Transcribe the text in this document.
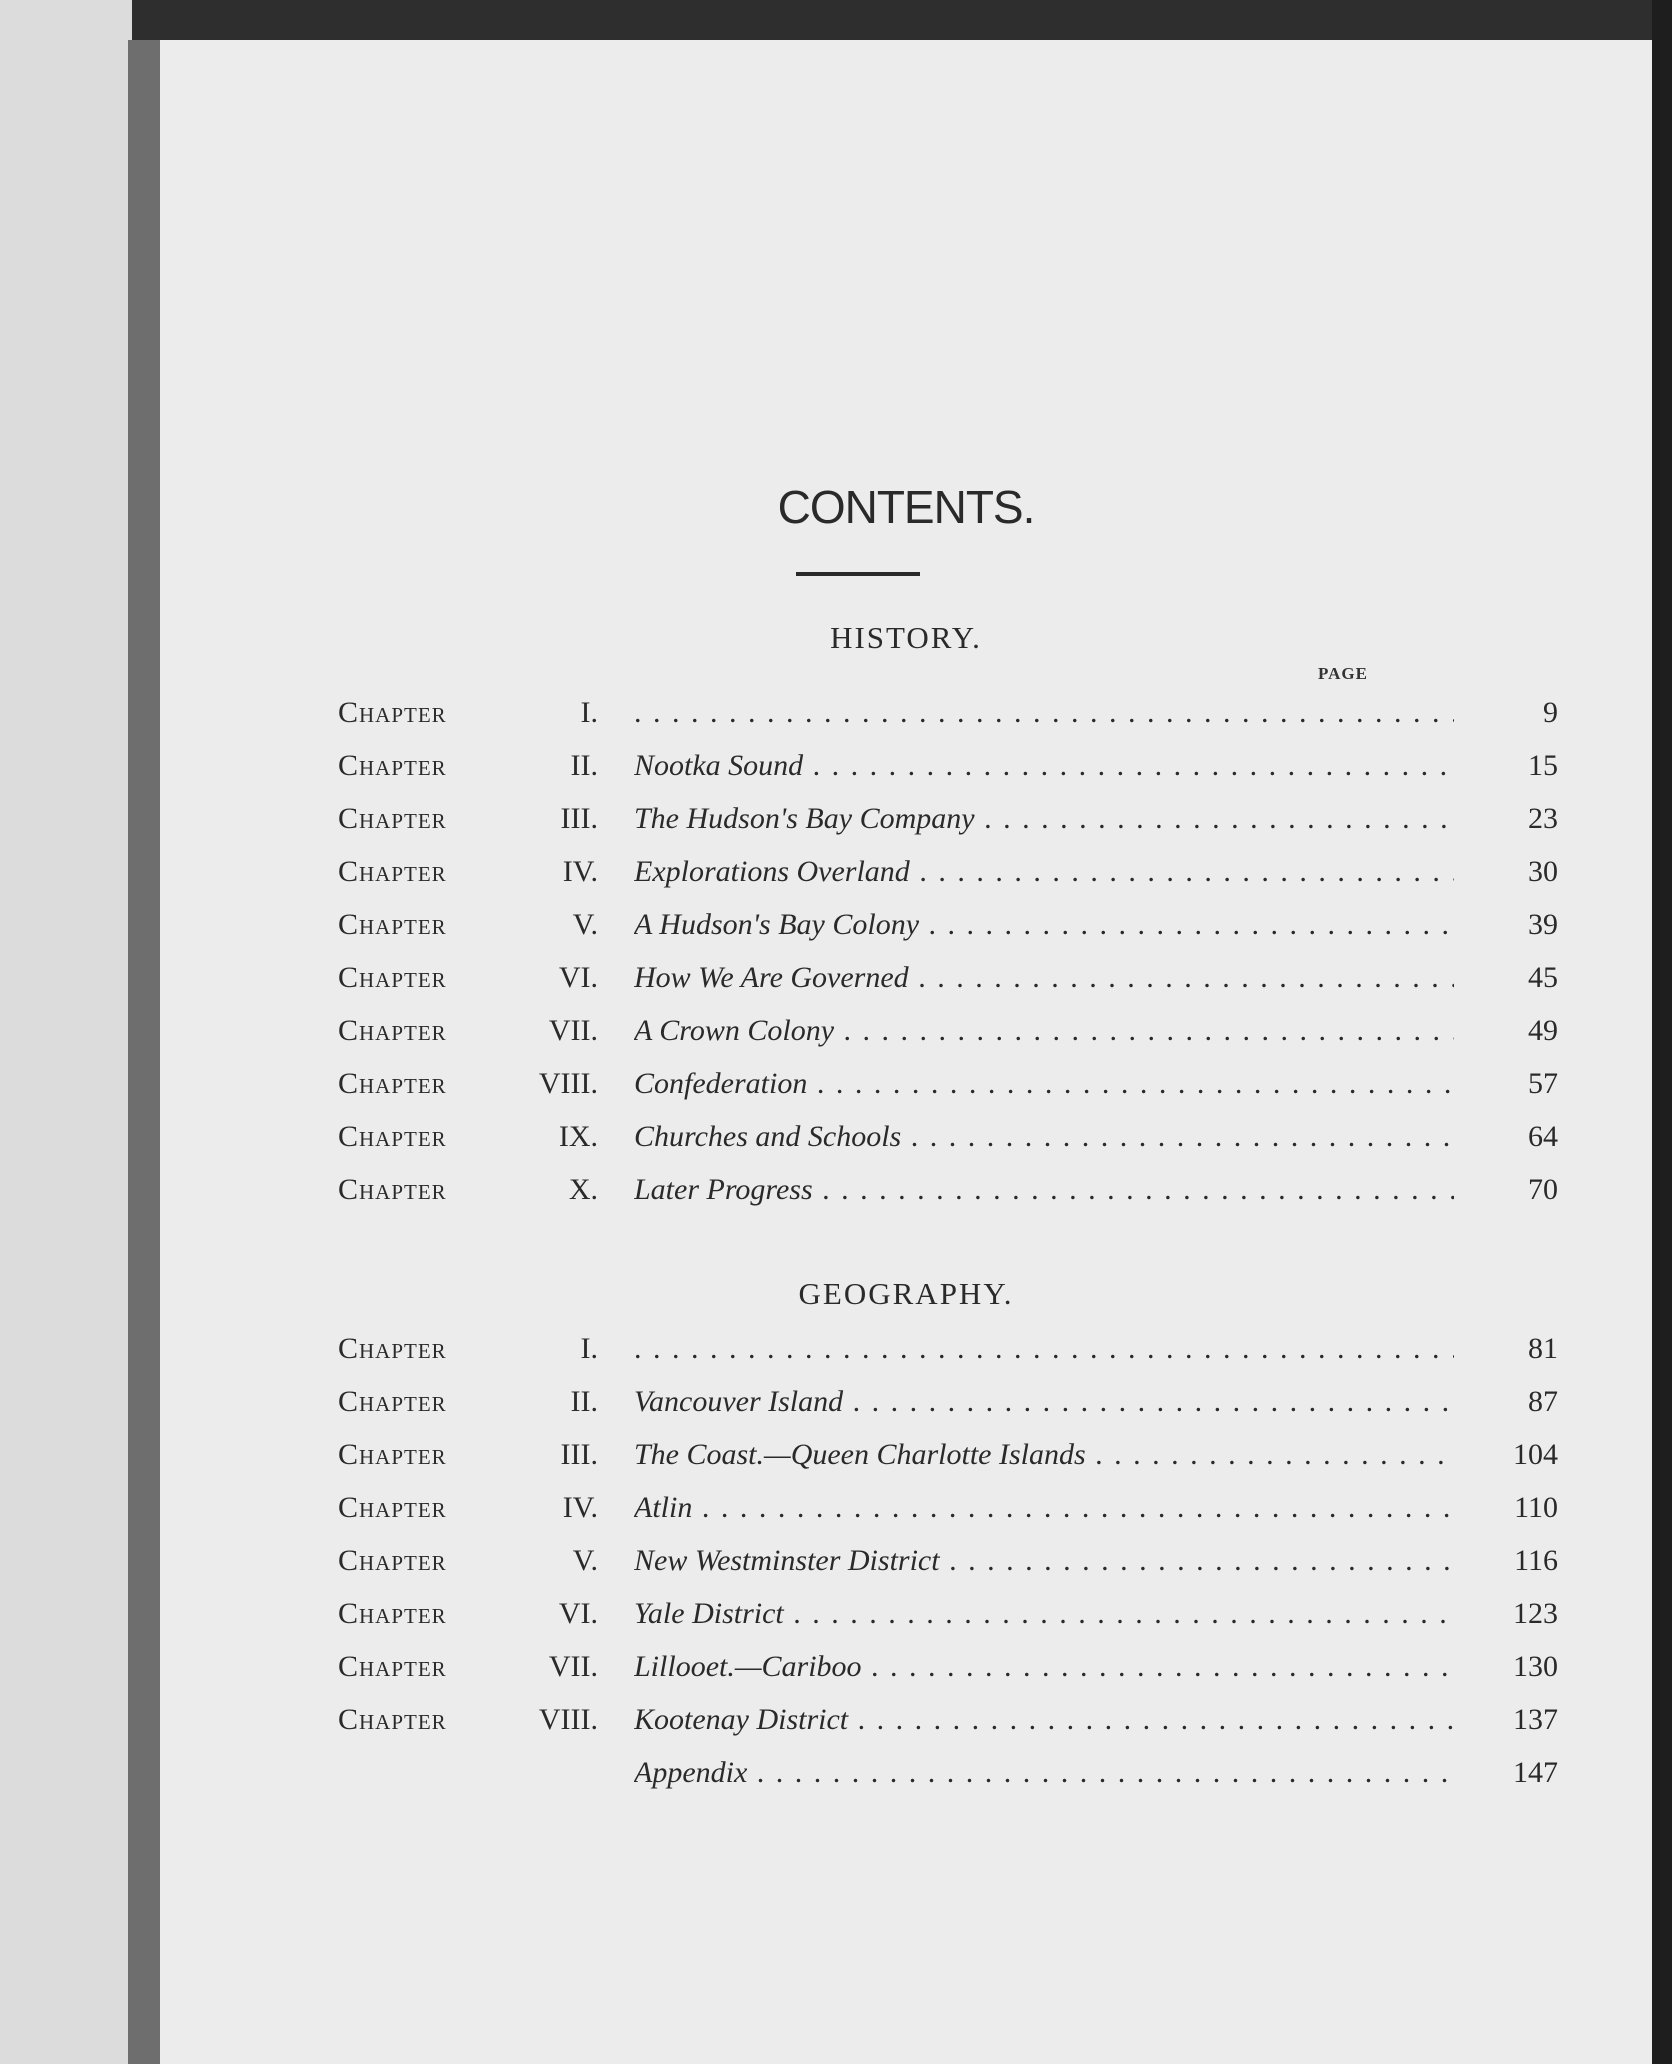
CONTENTS.
HISTORY.
PAGE
Chapter	I. . . .	9
Chapter	II. Nootka Sound . . .	15
Chapter	III. The Hudson's Bay Company . . .	23
Chapter	IV. Explorations Overland . . .	30
Chapter	V. A Hudson's Bay Colony . . .	39
Chapter	VI. How We Are Governed . . .	45
Chapter	VII. A Crown Colony . . .	49
Chapter	VIII. Confederation . . .	57
Chapter	IX. Churches and Schools . . .	64
Chapter	X. Later Progress . . .	70
GEOGRAPHY.
Chapter	I. . . .	81
Chapter	II. Vancouver Island . . .	87
Chapter	III. The Coast.—Queen Charlotte Islands . . .	104
Chapter	IV. Atlin . . .	110
Chapter	V. New Westminster District . . .	116
Chapter	VI. Yale District . . .	123
Chapter	VII. Lillooet.—Cariboo . . .	130
Chapter	VIII. Kootenay District . . .	137
Appendix . . .	147
